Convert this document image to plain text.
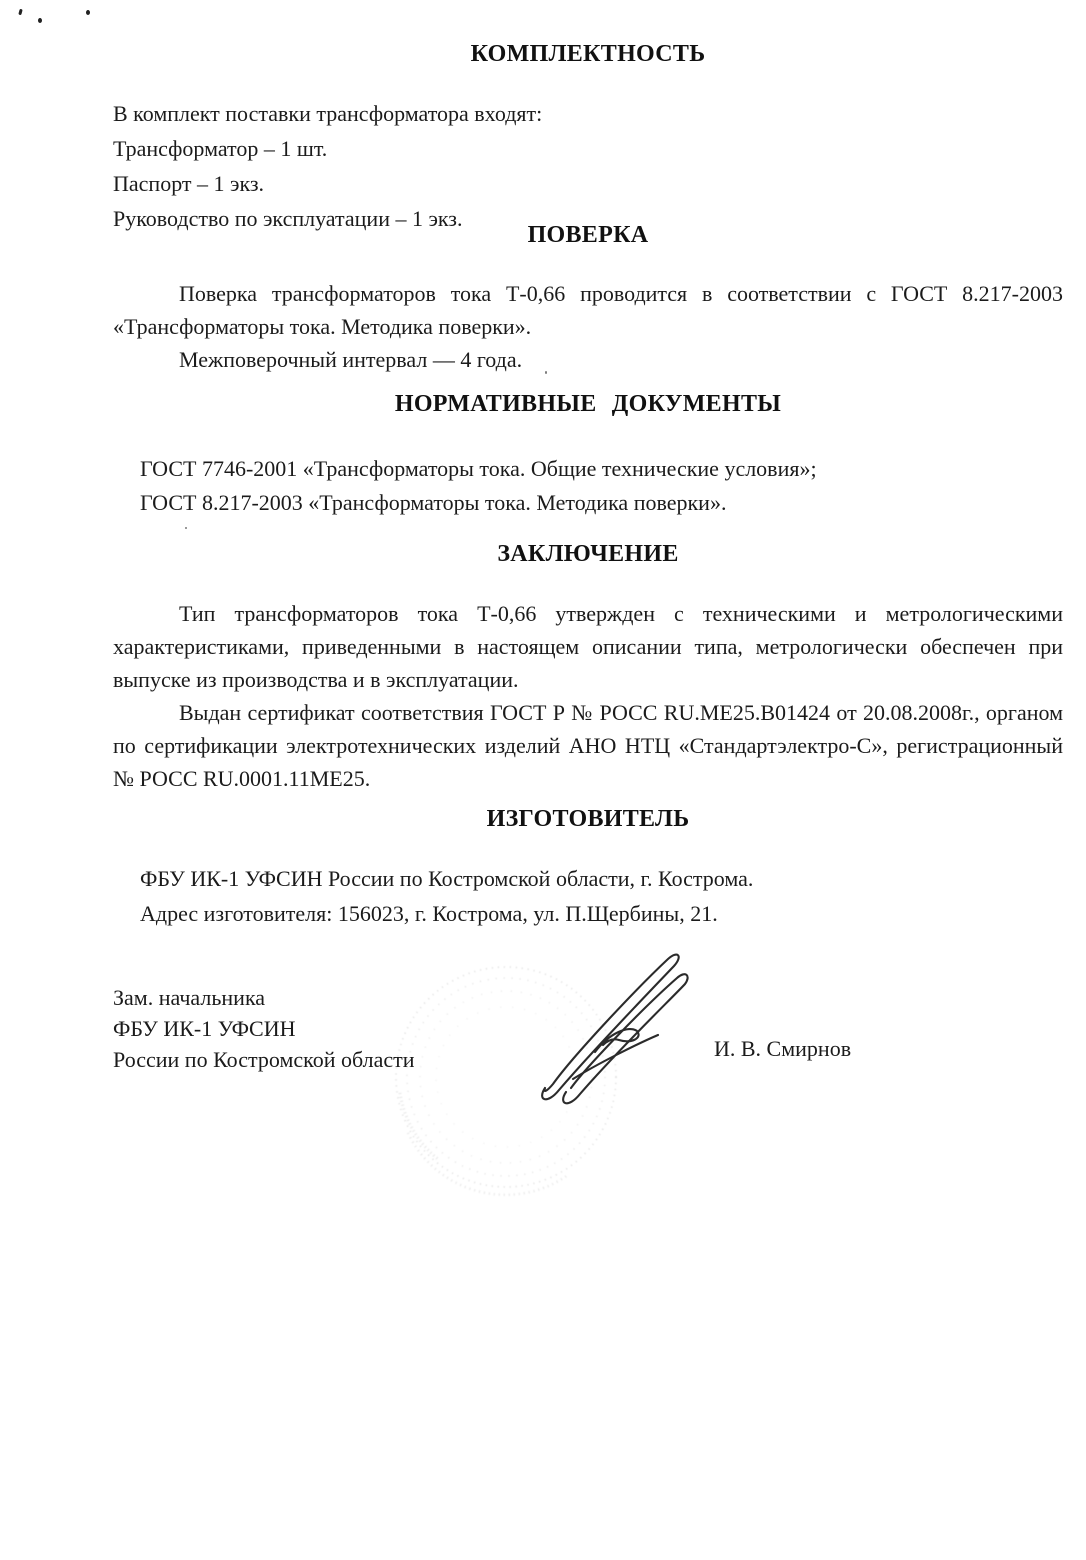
КОМПЛЕКТНОСТЬ

В комплект поставки трансформатора входят:

Трансформатор – 1 шт.

Паспорт – 1 экз.

Руководство по эксплуатации – 1 экз.

ПОВЕРКА

Поверка трансформаторов тока Т-0,66 проводится в соответствии с ГОСТ 8.217-2003 «Трансформаторы тока. Методика поверки».

Межповерочный интервал — 4 года.

НОРМАТИВНЫЕ ДОКУМЕНТЫ

ГОСТ 7746-2001 «Трансформаторы тока. Общие технические условия»;

ГОСТ 8.217-2003 «Трансформаторы тока. Методика поверки».

ЗАКЛЮЧЕНИЕ

Тип трансформаторов тока Т-0,66 утвержден с техническими и метрологическими характеристиками, приведенными в настоящем описании типа, метрологически обеспечен при выпуске из производства и в эксплуатации.

Выдан сертификат соответствия ГОСТ Р № РОСС RU.ME25.B01424 от 20.08.2008г., органом по сертификации электротехнических изделий АНО НТЦ «Стандартэлектро-С», регистрационный № РОСС RU.0001.11МЕ25.

ИЗГОТОВИТЕЛЬ

ФБУ ИК-1 УФСИН России по Костромской области, г. Кострома.

Адрес изготовителя: 156023, г. Кострома, ул. П.Щербины, 21.

Зам. начальника

ФБУ ИК-1 УФСИН

России по Костромской области	И. В. Смирнов
